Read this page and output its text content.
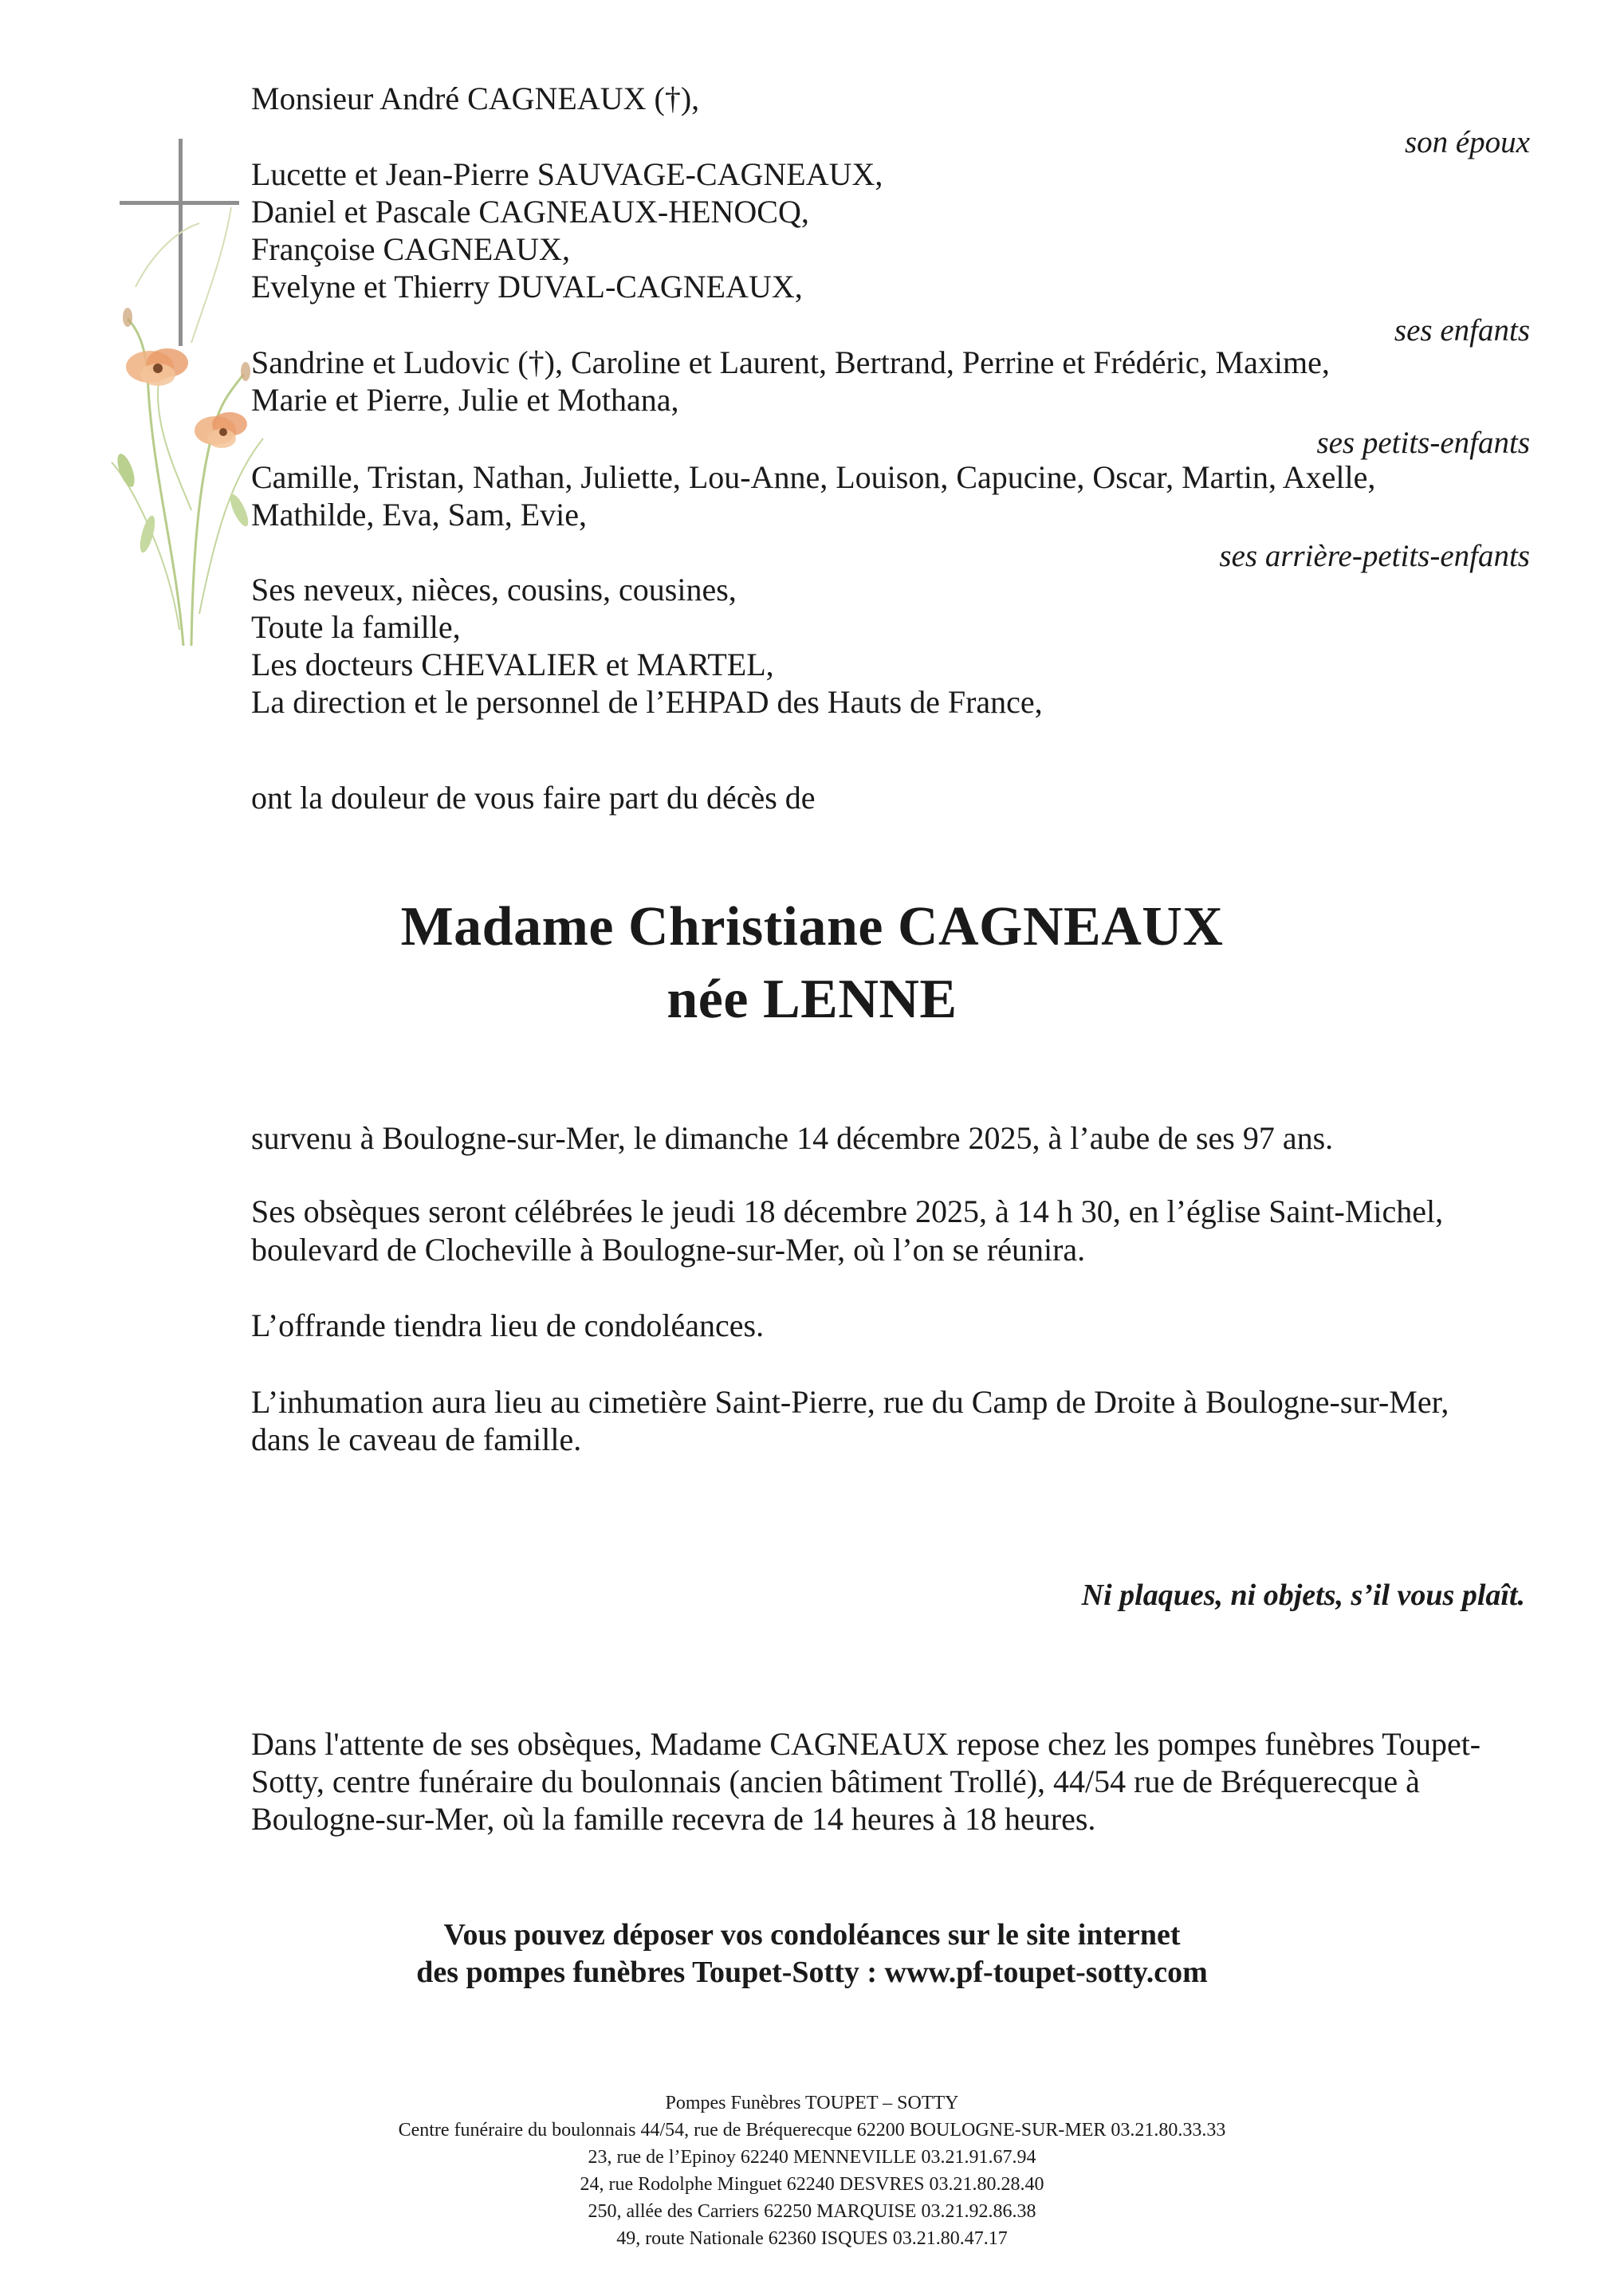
Monsieur André CAGNEAUX (†),
son époux
Lucette et Jean-Pierre SAUVAGE-CAGNEAUX,
Daniel et Pascale CAGNEAUX-HENOCQ,
Françoise CAGNEAUX,
Evelyne et Thierry DUVAL-CAGNEAUX,
ses enfants
Sandrine et Ludovic (†), Caroline et Laurent, Bertrand, Perrine et Frédéric, Maxime,
Marie et Pierre, Julie et Mothana,
ses petits-enfants
Camille, Tristan, Nathan, Juliette, Lou-Anne, Louison, Capucine, Oscar, Martin, Axelle,
Mathilde, Eva, Sam, Evie,
ses arrière-petits-enfants
Ses neveux, nièces, cousins, cousines,
Toute la famille,
Les docteurs CHEVALIER et MARTEL,
La direction et le personnel de l’EHPAD des Hauts de France,
ont la douleur de vous faire part du décès de
Madame Christiane CAGNEAUX
née LENNE
survenu à Boulogne-sur-Mer, le dimanche 14 décembre 2025, à l’aube de ses 97 ans.
Ses obsèques seront célébrées le jeudi 18 décembre 2025, à 14 h 30, en l’église Saint-Michel,
boulevard de Clocheville à Boulogne-sur-Mer, où l’on se réunira.
L’offrande tiendra lieu de condoléances.
L’inhumation aura lieu au cimetière Saint-Pierre, rue du Camp de Droite à Boulogne-sur-Mer,
dans le caveau de famille.
Ni plaques, ni objets, s’il vous plaît.
Dans l'attente de ses obsèques, Madame CAGNEAUX repose chez les pompes funèbres Toupet-
Sotty, centre funéraire du boulonnais (ancien bâtiment Trollé), 44/54 rue de Bréquerecque à
Boulogne-sur-Mer, où la famille recevra de 14 heures à 18 heures.
Vous pouvez déposer vos condoléances sur le site internet
des pompes funèbres Toupet-Sotty : www.pf-toupet-sotty.com
Pompes Funèbres TOUPET – SOTTY
Centre funéraire du boulonnais 44/54, rue de Bréquerecque 62200 BOULOGNE-SUR-MER 03.21.80.33.33
23, rue de l’Epinoy 62240 MENNEVILLE 03.21.91.67.94
24, rue Rodolphe Minguet 62240 DESVRES 03.21.80.28.40
250, allée des Carriers 62250 MARQUISE 03.21.92.86.38
49, route Nationale 62360 ISQUES 03.21.80.47.17
